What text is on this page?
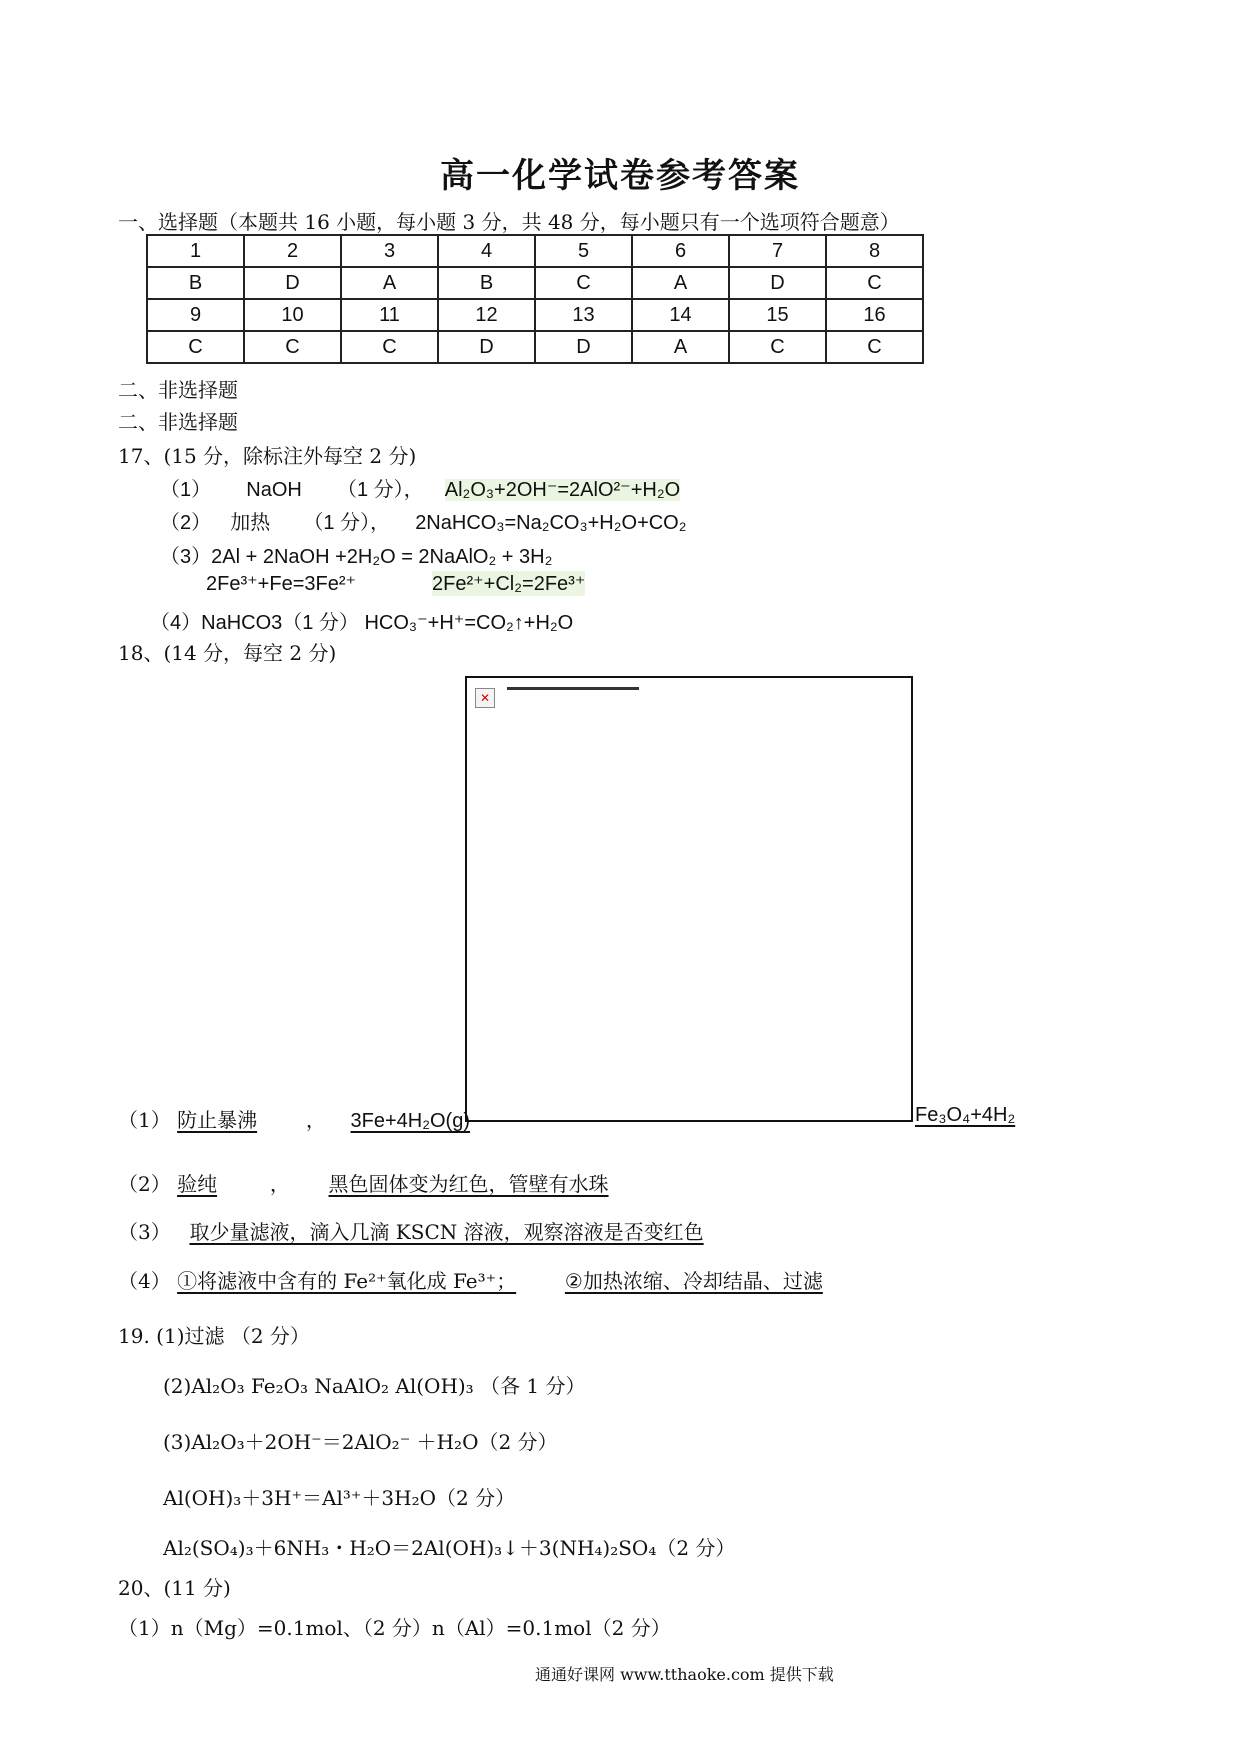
高一化学试卷参考答案
一、选择题（本题共 16 小题，每小题 3 分，共 48 分，每小题只有一个选项符合题意）
1	2	3	4	5	6	7	8
B	D	A	B	C	A	D	C
9	10	11	12	13	14	15	16
C	C	C	D	D	A	C	C
二、非选择题
二、非选择题
17、(15 分，除标注外每空 2 分)
（1） NaOH （1 分）， Al₂O₃+2OH⁻=2AlO²⁻+H₂O
（2） 加热 （1 分）， 2NaHCO₃=Na₂CO₃+H₂O+CO₂
（3）2Al + 2NaOH +2H₂O = 2NaAlO₂ + 3H₂
2Fe³⁺+Fe=3Fe²⁺	2Fe²⁺+Cl₂=2Fe³⁺
（4）NaHCO3（1 分） HCO₃⁻+H⁺=CO₂↑+H₂O
18、(14 分，每空 2 分)
✕
（1） 防止暴沸 ， 3Fe+4H₂O(g)	Fe₃O₄+4H₂
（2） 验纯	， 黑色固体变为红色，管壁有水珠
（3） 取少量滤液，滴入几滴 KSCN 溶液，观察溶液是否变红色
（4） ①将滤液中含有的 Fe²⁺氧化成 Fe³⁺； ②加热浓缩、冷却结晶、过滤
19. (1)过滤 （2 分）
(2)Al₂O₃ Fe₂O₃ NaAlO₂ Al(OH)₃ （各 1 分）
(3)Al₂O₃＋2OH⁻＝2AlO₂⁻ ＋H₂O（2 分）
Al(OH)₃＋3H⁺＝Al³⁺＋3H₂O（2 分）
Al₂(SO₄)₃＋6NH₃・H₂O＝2Al(OH)₃↓＋3(NH₄)₂SO₄（2 分）
20、(11 分)
（1）n（Mg）=0.1mol、（2 分）n（Al）=0.1mol（2 分）
通通好课网 www.tthaoke.com 提供下载
